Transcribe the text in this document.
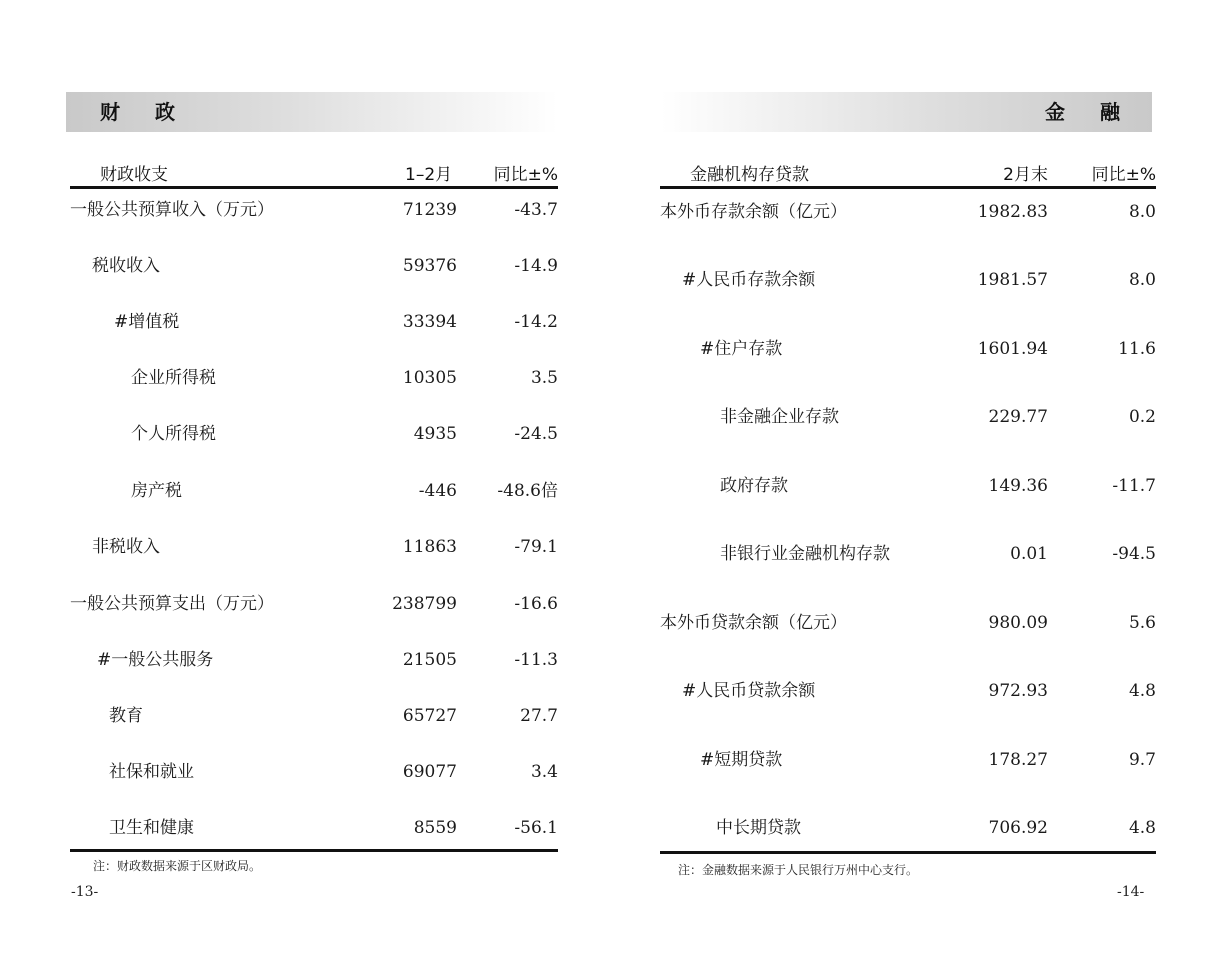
财 政
财政收支	1–2月 同比±%
一般公共预算收入（万元）	71239	-43.7
税收收入	59376	-14.9
#增值税	33394	-14.2
企业所得税	10305	3.5
个人所得税	4935	-24.5
房产税	-446 -48.6倍
非税收入	11863	-79.1
一般公共预算支出（万元）	238799	-16.6
#一般公共服务	21505	-11.3
教育	65727	27.7
社保和就业	69077	3.4
卫生和健康	8559	-56.1
注：财政数据来源于区财政局。
-13-
金 融
金融机构存贷款	2月末	同比±%
本外币存款余额（亿元）	1982.83	8.0
#人民币存款余额	1981.57	8.0
#住户存款	1601.94	11.6
非金融企业存款	229.77	0.2
政府存款	149.36	-11.7
非银行业金融机构存款	0.01	-94.5
本外币贷款余额（亿元）	980.09	5.6
#人民币贷款余额	972.93	4.8
#短期贷款	178.27	9.7
中长期贷款	706.92	4.8
注：金融数据来源于人民银行万州中心支行。
-14-
